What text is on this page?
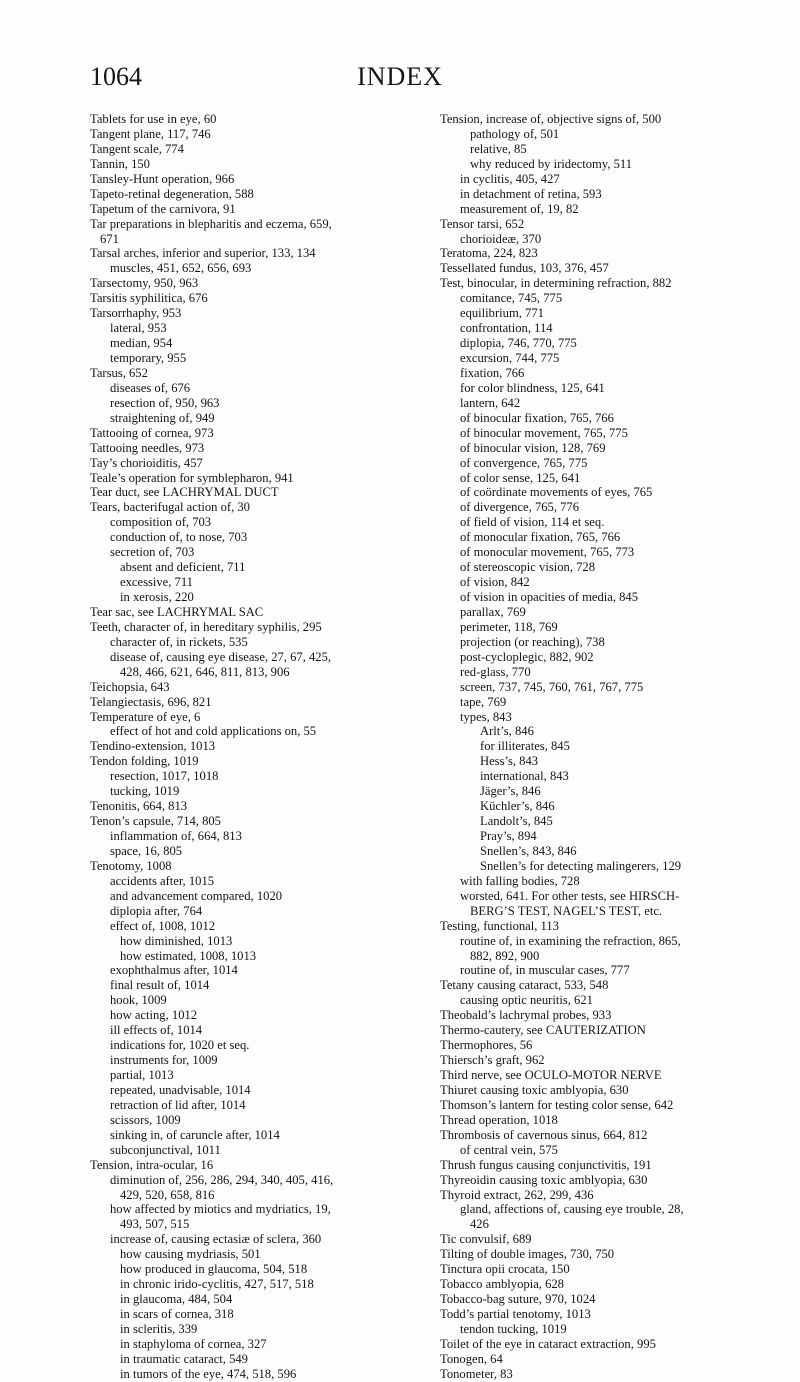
1064	INDEX
Tablets for use in eye, 60
Tangent plane, 117, 746
Tangent scale, 774
Tannin, 150
Tansley-Hunt operation, 966
Tapeto-retinal degeneration, 588
Tapetum of the carnivora, 91
Tar preparations in blepharitis and eczema, 659,
671
Tarsal arches, inferior and superior, 133, 134
muscles, 451, 652, 656, 693
Tarsectomy, 950, 963
Tarsitis syphilitica, 676
Tarsorrhaphy, 953
lateral, 953
median, 954
temporary, 955
Tarsus, 652
diseases of, 676
resection of, 950, 963
straightening of, 949
Tattooing of cornea, 973
Tattooing needles, 973
Tay’s chorioiditis, 457
Teale’s operation for symblepharon, 941
Tear duct, see LACHRYMAL DUCT
Tears, bacterifugal action of, 30
composition of, 703
conduction of, to nose, 703
secretion of, 703
absent and deficient, 711
excessive, 711
in xerosis, 220
Tear sac, see LACHRYMAL SAC
Teeth, character of, in hereditary syphilis, 295
character of, in rickets, 535
disease of, causing eye disease, 27, 67, 425,
428, 466, 621, 646, 811, 813, 906
Teichopsia, 643
Telangiectasis, 696, 821
Temperature of eye, 6
effect of hot and cold applications on, 55
Tendino-extension, 1013
Tendon folding, 1019
resection, 1017, 1018
tucking, 1019
Tenonitis, 664, 813
Tenon’s capsule, 714, 805
inflammation of, 664, 813
space, 16, 805
Tenotomy, 1008
accidents after, 1015
and advancement compared, 1020
diplopia after, 764
effect of, 1008, 1012
how diminished, 1013
how estimated, 1008, 1013
exophthalmus after, 1014
final result of, 1014
hook, 1009
how acting, 1012
ill effects of, 1014
indications for, 1020 et seq.
instruments for, 1009
partial, 1013
repeated, unadvisable, 1014
retraction of lid after, 1014
scissors, 1009
sinking in, of caruncle after, 1014
subconjunctival, 1011
Tension, intra-ocular, 16
diminution of, 256, 286, 294, 340, 405, 416,
429, 520, 658, 816
how affected by miotics and mydriatics, 19,
493, 507, 515
increase of, causing ectasiæ of sclera, 360
how causing mydriasis, 501
how produced in glaucoma, 504, 518
in chronic irido-cyclitis, 427, 517, 518
in glaucoma, 484, 504
in scars of cornea, 318
in scleritis, 339
in staphyloma of cornea, 327
in traumatic cataract, 549
in tumors of the eye, 474, 518, 596
Tension, increase of, objective signs of, 500
pathology of, 501
relative, 85
why reduced by iridectomy, 511
in cyclitis, 405, 427
in detachment of retina, 593
measurement of, 19, 82
Tensor tarsi, 652
chorioideæ, 370
Teratoma, 224, 823
Tessellated fundus, 103, 376, 457
Test, binocular, in determining refraction, 882
comitance, 745, 775
equilibrium, 771
confrontation, 114
diplopia, 746, 770, 775
excursion, 744, 775
fixation, 766
for color blindness, 125, 641
lantern, 642
of binocular fixation, 765, 766
of binocular movement, 765, 775
of binocular vision, 128, 769
of convergence, 765, 775
of color sense, 125, 641
of coördinate movements of eyes, 765
of divergence, 765, 776
of field of vision, 114 et seq.
of monocular fixation, 765, 766
of monocular movement, 765, 773
of stereoscopic vision, 728
of vision, 842
of vision in opacities of media, 845
parallax, 769
perimeter, 118, 769
projection (or reaching), 738
post-cycloplegic, 882, 902
red-glass, 770
screen, 737, 745, 760, 761, 767, 775
tape, 769
types, 843
Arlt’s, 846
for illiterates, 845
Hess’s, 843
international, 843
Jäger’s, 846
Küchler’s, 846
Landolt’s, 845
Pray’s, 894
Snellen’s, 843, 846
Snellen’s for detecting malingerers, 129
with falling bodies, 728
worsted, 641. For other tests, see HIRSCH-
BERG’S TEST, NAGEL’S TEST, etc.
Testing, functional, 113
routine of, in examining the refraction, 865,
882, 892, 900
routine of, in muscular cases, 777
Tetany causing cataract, 533, 548
causing optic neuritis, 621
Theobald’s lachrymal probes, 933
Thermo-cautery, see CAUTERIZATION
Thermophores, 56
Thiersch’s graft, 962
Third nerve, see OCULO-MOTOR NERVE
Thiuret causing toxic amblyopia, 630
Thomson’s lantern for testing color sense, 642
Thread operation, 1018
Thrombosis of cavernous sinus, 664, 812
of central vein, 575
Thrush fungus causing conjunctivitis, 191
Thyreoidin causing toxic amblyopia, 630
Thyroid extract, 262, 299, 436
gland, affections of, causing eye trouble, 28,
426
Tic convulsif, 689
Tilting of double images, 730, 750
Tinctura opii crocata, 150
Tobacco amblyopia, 628
Tobacco-bag suture, 970, 1024
Todd’s partial tenotomy, 1013
tendon tucking, 1019
Toilet of the eye in cataract extraction, 995
Tonogen, 64
Tonometer, 83
